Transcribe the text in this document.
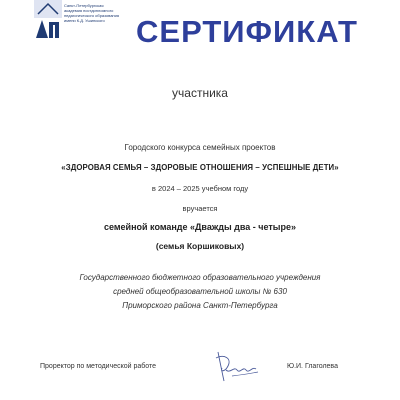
Санкт-Петербургская
академия постдипломного
педагогического образования
имени К.Д. Ушинского	СЕРТИФИКАТ
участника
Городского конкурса семейных проектов
«ЗДОРОВАЯ СЕМЬЯ – ЗДОРОВЫЕ ОТНОШЕНИЯ – УСПЕШНЫЕ ДЕТИ»
в 2024 – 2025 учебном году
вручается
семейной команде «Дважды два - четыре»
(семья Коршиковых)
Государственного бюджетного образовательного учреждения
средней общеобразовательной школы № 630
Приморского района Санкт-Петербурга
Проректор по методической работе	Ю.И. Глаголева
